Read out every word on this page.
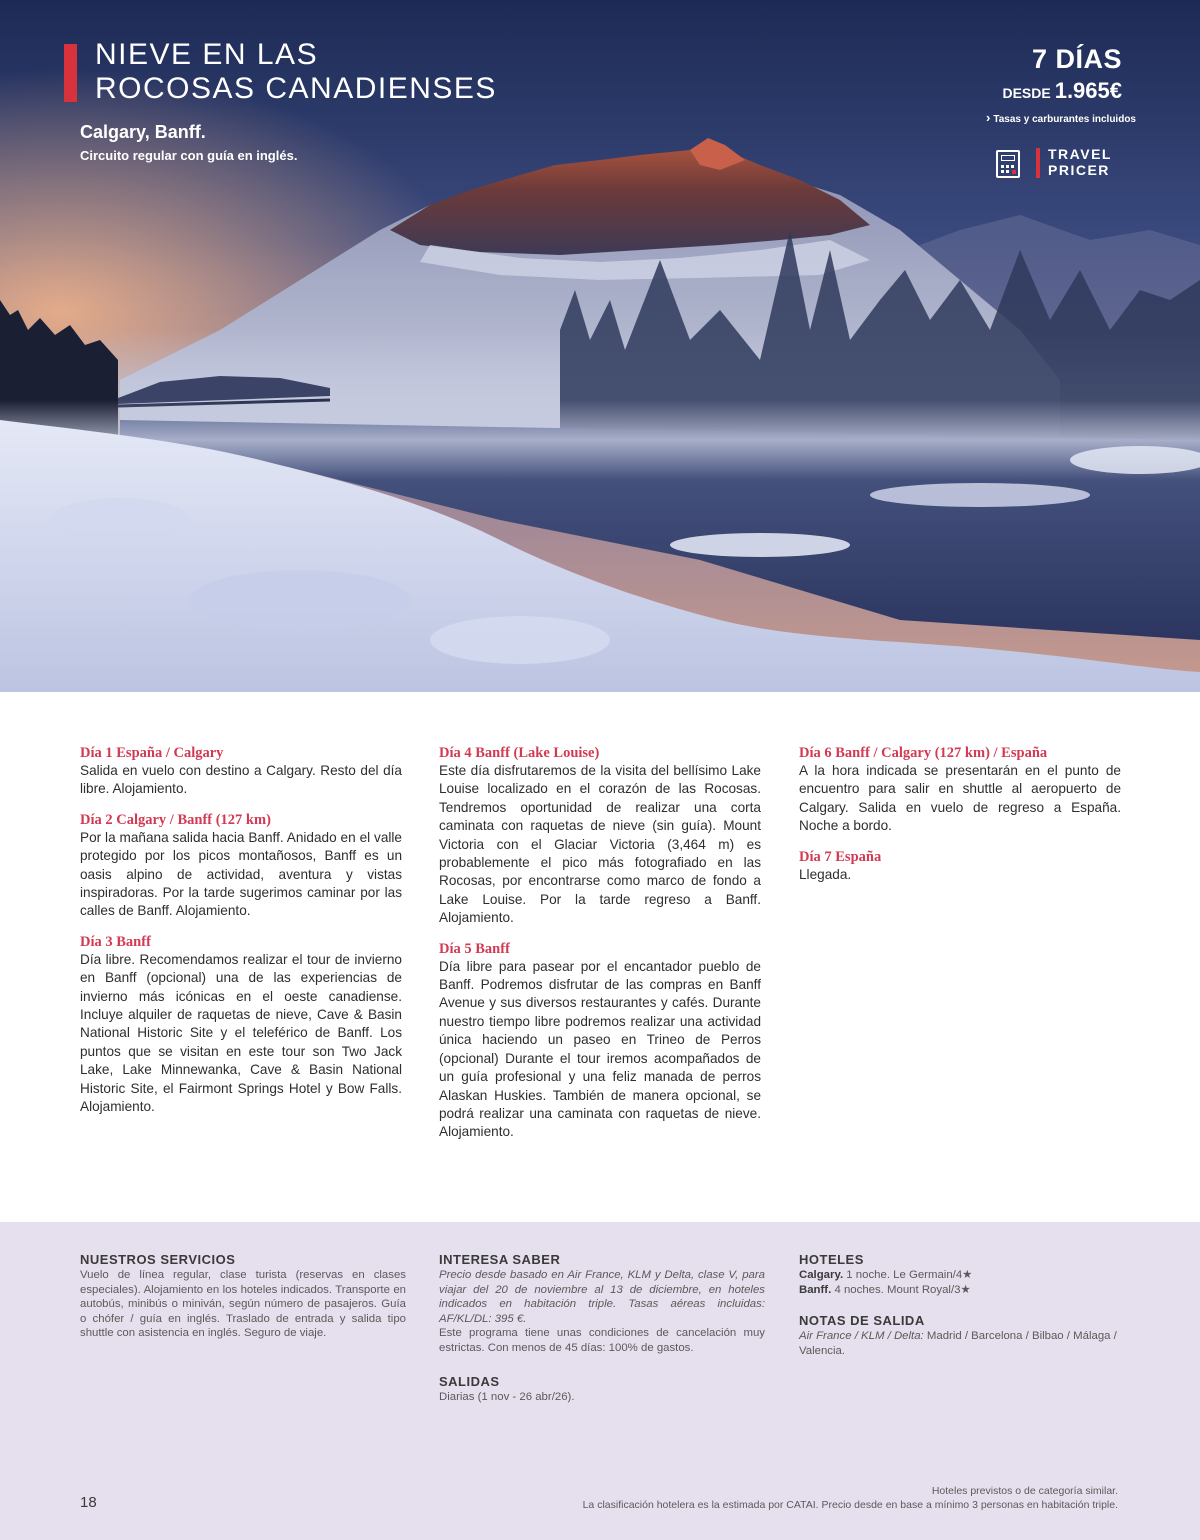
NIEVE EN LAS
ROCOSAS CANADIENSES
Calgary, Banff.
Circuito regular con guía en inglés.
7 DÍAS
DESDE 1.965€
› Tasas y carburantes incluidos
TRAVEL
PRICER
Día 1 España / Calgary

Salida en vuelo con destino a Calgary. Resto del día libre. Alojamiento.

Día 2 Calgary / Banff (127 km)

Por la mañana salida hacia Banff. Anidado en el valle protegido por los picos montañosos, Banff es un oasis alpino de actividad, aventura y vistas inspiradoras. Por la tarde sugerimos caminar por las calles de Banff. Alojamiento.

Día 3 Banff

Día libre. Recomendamos realizar el tour de invierno en Banff (opcional) una de las experiencias de invierno más icónicas en el oeste canadiense. Incluye alquiler de raquetas de nieve, Cave & Basin National Historic Site y el teleférico de Banff. Los puntos que se visitan en este tour son Two Jack Lake, Lake Minnewanka, Cave & Basin National Historic Site, el Fairmont Springs Hotel y Bow Falls. Alojamiento.

Día 4 Banff (Lake Louise)

Este día disfrutaremos de la visita del bellísimo Lake Louise localizado en el corazón de las Rocosas. Tendremos oportunidad de realizar una corta caminata con raquetas de nieve (sin guía). Mount Victoria con el Glaciar Victoria (3,464 m) es probablemente el pico más fotografiado en las Rocosas, por encontrarse como marco de fondo a Lake Louise. Por la tarde regreso a Banff. Alojamiento.

Día 5 Banff

Día libre para pasear por el encantador pueblo de Banff. Podremos disfrutar de las compras en Banff Avenue y sus diversos restaurantes y cafés. Durante nuestro tiempo libre podremos realizar una actividad única haciendo un paseo en Trineo de Perros (opcional) Durante el tour iremos acompañados de un guía profesional y una feliz manada de perros Alaskan Huskies. También de manera opcional, se podrá realizar una caminata con raquetas de nieve. Alojamiento.

Día 6 Banff / Calgary (127 km) / España

A la hora indicada se presentarán en el punto de encuentro para salir en shuttle al aeropuerto de Calgary. Salida en vuelo de regreso a España. Noche a bordo.

Día 7 España

Llegada.

NUESTROS SERVICIOS

Vuelo de línea regular, clase turista (reservas en clases especiales). Alojamiento en los hoteles indicados. Transporte en autobús, minibús o miniván, según número de pasajeros. Guía o chófer / guía en inglés. Traslado de entrada y salida tipo shuttle con asistencia en inglés. Seguro de viaje.

INTERESA SABER

Precio desde basado en Air France, KLM y Delta, clase V, para viajar del 20 de noviembre al 13 de diciembre, en hoteles indicados en habitación triple. Tasas aéreas incluidas: AF/KL/DL: 395 €.

Este programa tiene unas condiciones de cancelación muy estrictas. Con menos de 45 días: 100% de gastos.

SALIDAS

Diarias (1 nov - 26 abr/26).

HOTELES
Calgary. 1 noche. Le Germain/4★
Banff. 4 noches. Mount Royal/3★
NOTAS DE SALIDA
Air France / KLM / Delta: Madrid / Barcelona / Bilbao / Málaga / Valencia.
18
Hoteles previstos o de categoría similar.
La clasificación hotelera es la estimada por CATAI. Precio desde en base a mínimo 3 personas en habitación triple.
